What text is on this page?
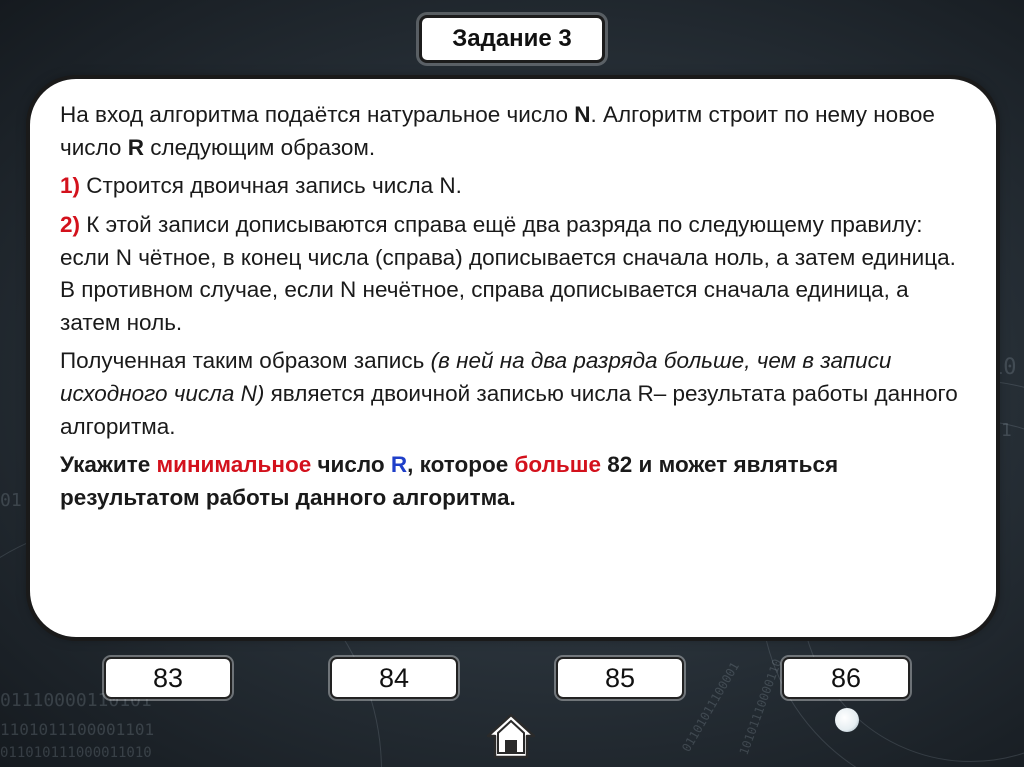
01110000110101
1101011100001101
011010111000011010
10
01
01
01101011100001
10101110000110
Задание 3

На вход алгоритма подаётся натуральное число N. Алгоритм строит по нему новое число R следующим образом.

1) Строится двоичная запись числа N.

2) К этой записи дописываются справа ещё два разряда по следующему правилу: если N чётное, в конец числа (справа) дописывается сначала ноль, а затем единица. В противном случае, если N нечётное, справа дописывается сначала единица, а затем ноль.

Полученная таким образом запись (в ней на два разряда больше, чем в записи исходного числа N) является двоичной записью числа R– результата работы данного алгоритма.

Укажите минимальное число R, которое больше 82 и может являться результатом работы данного алгоритма.

83	84	85	86
